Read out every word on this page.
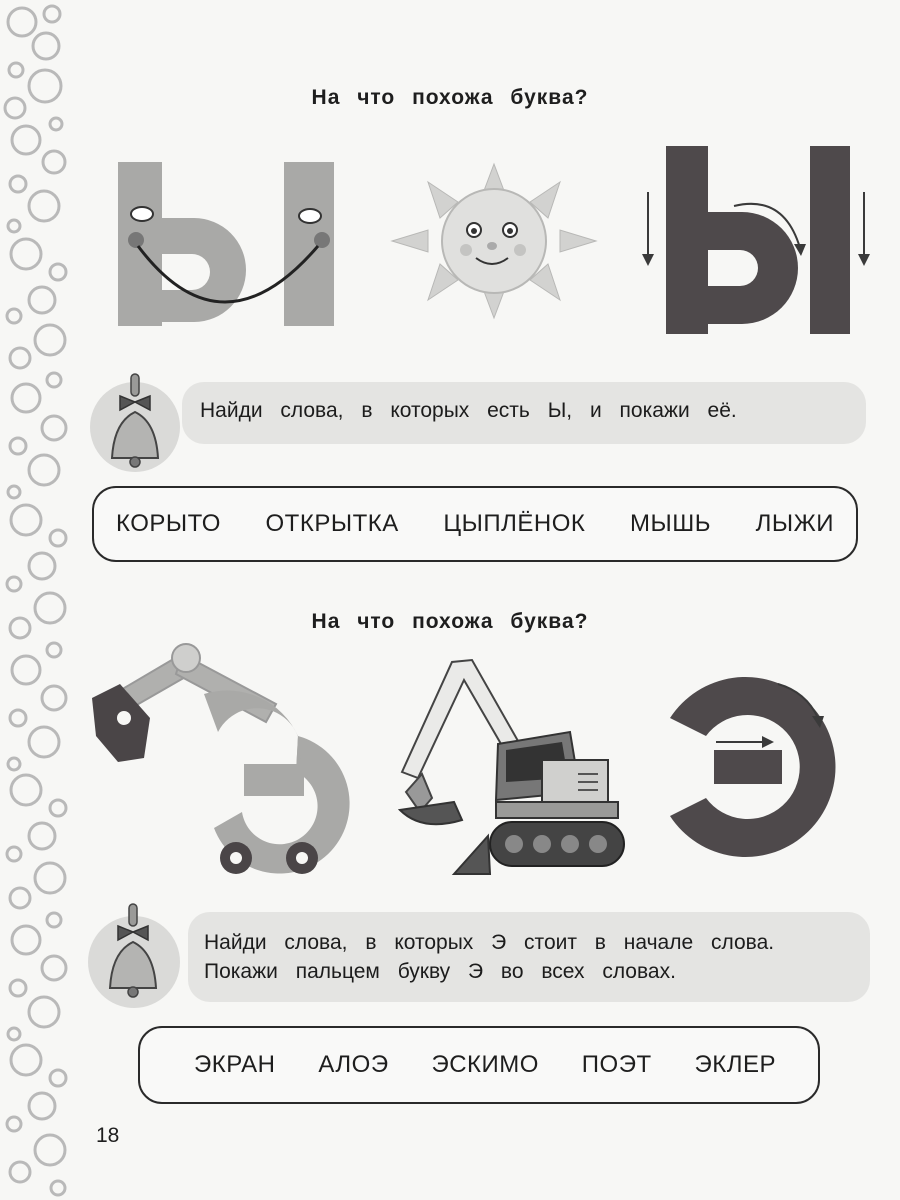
На что похожа буква?
Найди слова, в которых есть Ы, и покажи её.
КОРЫТО ОТКРЫТКА ЦЫПЛЁНОК МЫШЬ ЛЫЖИ
На что похожа буква?
Найди слова, в которых Э стоит в начале слова.
Покажи пальцем букву Э во всех словах.
ЭКРАН АЛОЭ ЭСКИМО ПОЭТ ЭКЛЕР
18
